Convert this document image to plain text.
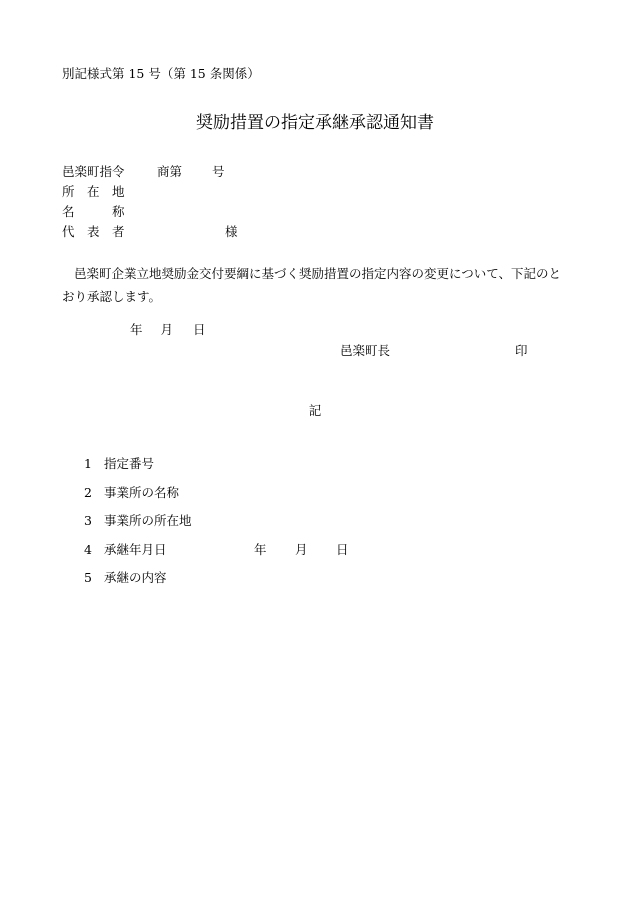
別記様式第 15 号（第 15 条関係）
奨励措置の指定承継承認通知書
邑楽町指令	商第 号
所　在　地
名　　　称
代　表　者	様
邑楽町企業立地奨励金交付要綱に基づく奨励措置の指定内容の変更について、下記のとおり承認します。
年 月 日
邑楽町長	印
記
1 指定番号
2 事業所の名称
3 事業所の所在地
4 承継年月日	年 月 日
5 承継の内容
